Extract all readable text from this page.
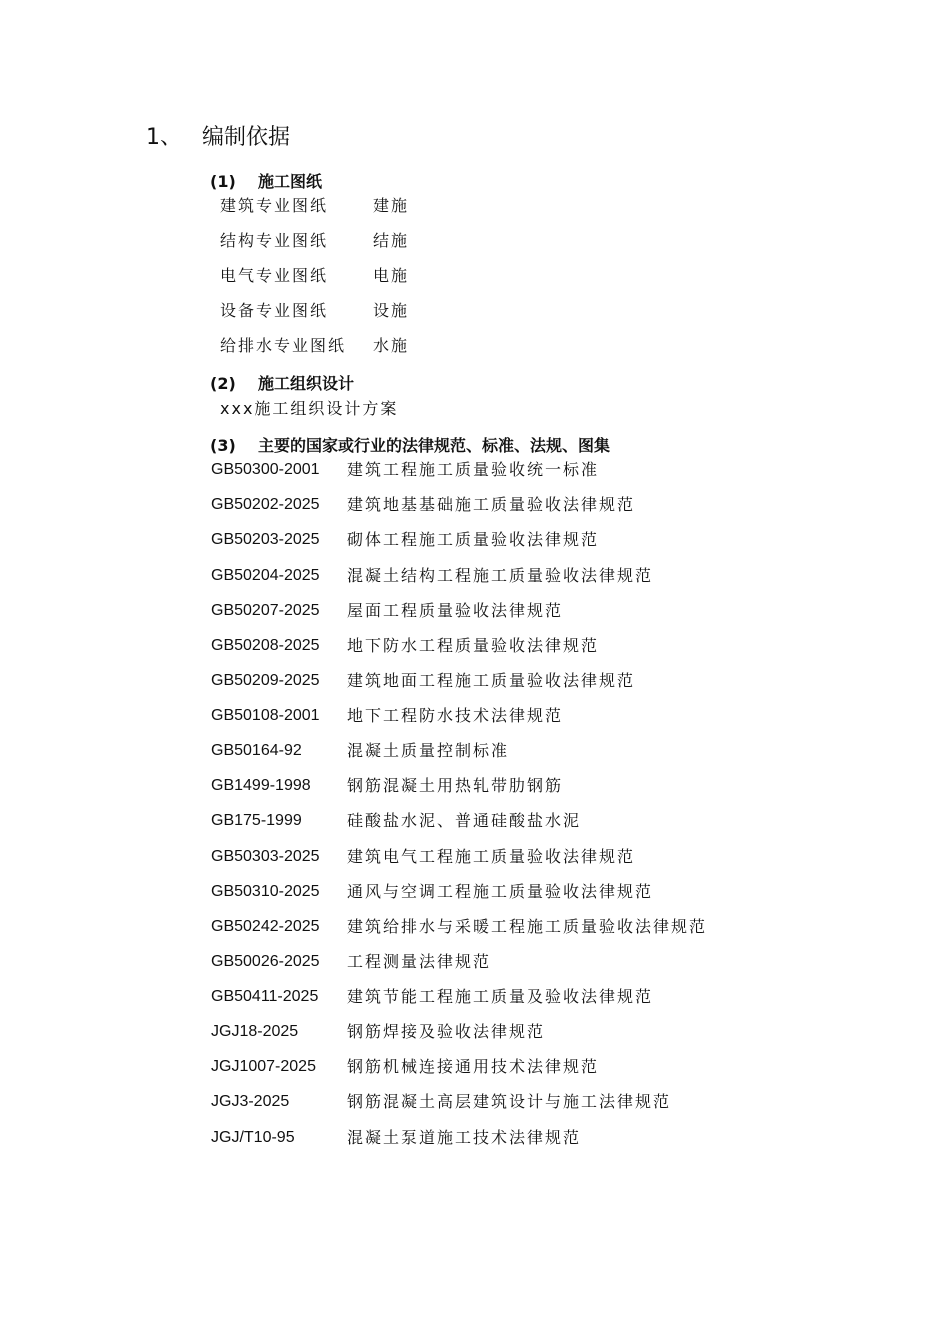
1、 编制依据
(1) 施工图纸
建筑专业图纸	建施
结构专业图纸	结施
电气专业图纸	电施
设备专业图纸	设施
给排水专业图纸 水施
(2) 施工组织设计
xxx施工组织设计方案
(3) 主要的国家或行业的法律规范、标准、法规、图集
GB50300-2001 建筑工程施工质量验收统一标准
GB50202-2025 建筑地基基础施工质量验收法律规范
GB50203-2025 砌体工程施工质量验收法律规范
GB50204-2025 混凝土结构工程施工质量验收法律规范
GB50207-2025 屋面工程质量验收法律规范
GB50208-2025 地下防水工程质量验收法律规范
GB50209-2025 建筑地面工程施工质量验收法律规范
GB50108-2001 地下工程防水技术法律规范
GB50164-92	混凝土质量控制标准
GB1499-1998 钢筋混凝土用热轧带肋钢筋
GB175-1999	硅酸盐水泥、普通硅酸盐水泥
GB50303-2025 建筑电气工程施工质量验收法律规范
GB50310-2025 通风与空调工程施工质量验收法律规范
GB50242-2025 建筑给排水与采暖工程施工质量验收法律规范
GB50026-2025 工程测量法律规范
GB50411-2025 建筑节能工程施工质量及验收法律规范
JGJ18-2025	钢筋焊接及验收法律规范
JGJ1007-2025 钢筋机械连接通用技术法律规范
JGJ3-2025	钢筋混凝土高层建筑设计与施工法律规范
JGJ/T10-95	混凝土泵道施工技术法律规范
